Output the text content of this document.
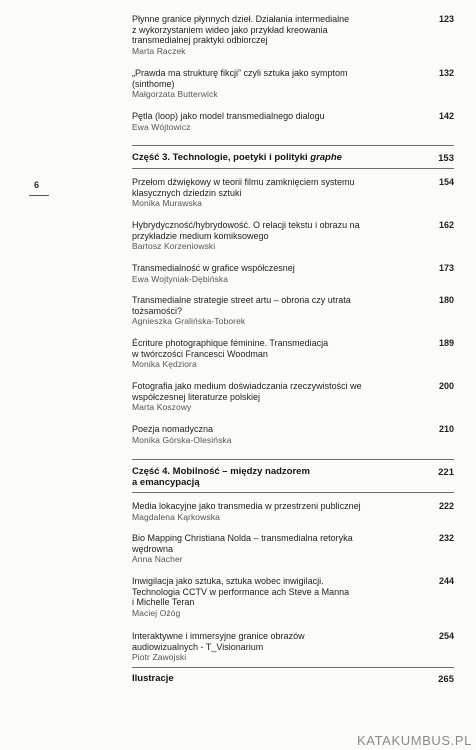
6
Płynne granice płynnych dzieł. Działania intermedialne
z wykorzystaniem wideo jako przykład kreowania
transmedialnej praktyki odbiorczej
Marta Raczek
123
„Prawda ma strukturę fikcji” czyli sztuka jako symptom
(sinthome)
Małgorzata Butterwick
132
Pętla (loop) jako model transmedialnego dialogu
Ewa Wójtowicz
142
Część 3. Technologie, poetyki i polityki graphe	153
Przełom dźwiękowy w teorii filmu zamknięciem systemu
klasycznych dziedzin sztuki
Monika Murawska
154
Hybrydyczność/hybrydowość. O relacji tekstu i obrazu na
przykładzie medium komiksowego
Bartosz Korzeniowski
162
Transmedialność w grafice współczesnej
Ewa Wojtyniak-Dębińska
173
Transmedialne strategie street artu – obrona czy utrata
tożsamości?
Agnieszka Gralińska-Toborek
180
Écriture photographique féminine. Transmediacja
w twórczości Francesci Woodman
Monika Kędziora
189
Fotografia jako medium doświadczania rzeczywistości we
współczesnej literaturze polskiej
Marta Koszowy
200
Poezja nomadyczna
Monika Górska-Olesińska
210
Część 4. Mobilność – między nadzorem
a emancypacją
221
Media lokacyjne jako transmedia w przestrzeni publicznej
Magdalena Kąrkowska
222
Bio Mapping Christiana Nolda – transmedialna retoryka
wędrowna
Anna Nacher
232
Inwigilacja jako sztuka, sztuka wobec inwigilacji.
Technologia CCTV w performance ach Steve a Manna
i Michelle Teran
Maciej Ożóg
244
Interaktywne i immersyjne granice obrazów
audiowizualnych - T_Visionarium
Piotr Zawojski
254
Ilustracje	265
KATAKUMBUS.PL
